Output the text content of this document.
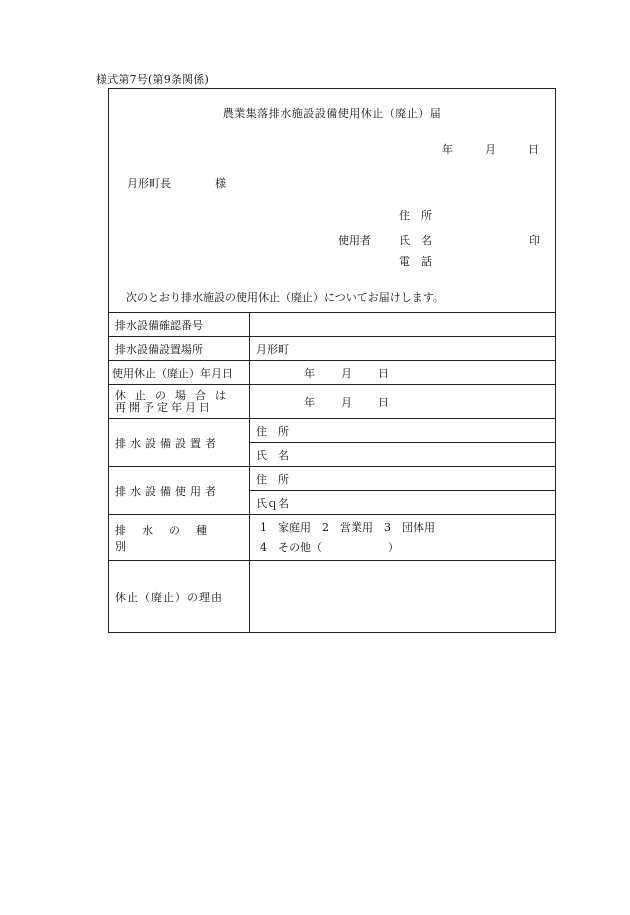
様式第7号(第9条関係)
農業集落排水施設設備使用休止（廃止）届
年	月	日
月形町長	様
住　所
使用者	氏　名	印
電　話
次のとおり排水施設の使用休止（廃止）についてお届けします。
排水設備確認番号	

排水設備設置場所	月形町
使用休止（廃止）年月日	年 月 日

休止の場合は
再開予定年月日	年 月 日
排水設備設置者	住　所
	氏　名
排水設備使用者	住　所
	氏ｑ名
排水の種別	1　家庭用　2　営業用　3　団体用
4　その他（　　　　　　）

休止（廃止）の理由	
